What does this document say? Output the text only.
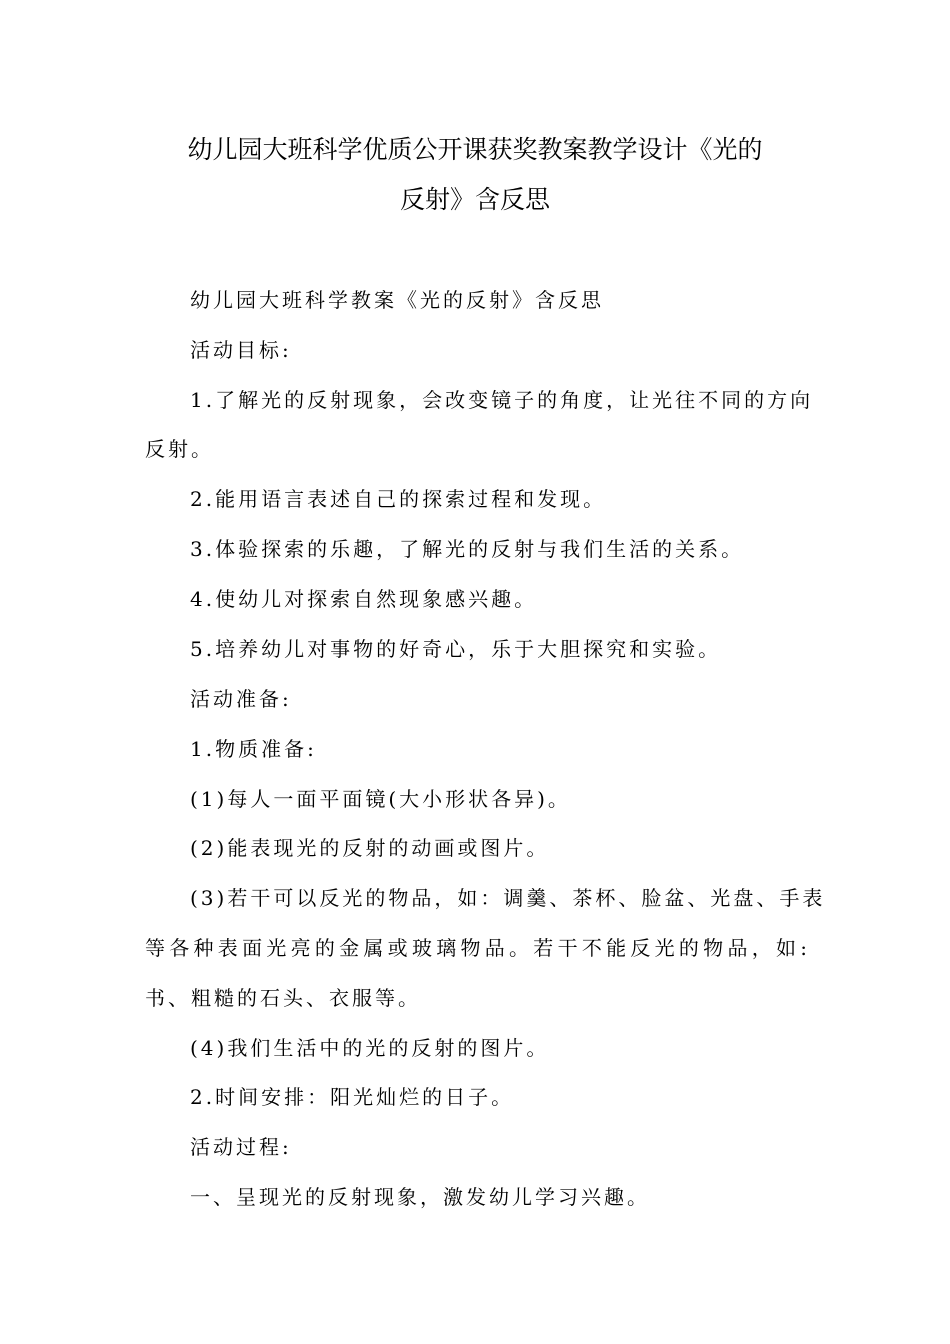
幼儿园大班科学优质公开课获奖教案教学设计《光的
反射》含反思
幼儿园大班科学教案《光的反射》含反思
活动目标:
1.了解光的反射现象，会改变镜子的角度，让光往不同的方向
反射。
2.能用语言表述自己的探索过程和发现。
3.体验探索的乐趣，了解光的反射与我们生活的关系。
4.使幼儿对探索自然现象感兴趣。
5.培养幼儿对事物的好奇心，乐于大胆探究和实验。
活动准备:
1.物质准备:
(1)每人一面平面镜(大小形状各异)。
(2)能表现光的反射的动画或图片。
(3)若干可以反光的物品，如：调羹、茶杯、脸盆、光盘、手表
等各种表面光亮的金属或玻璃物品。若干不能反光的物品，如:
书、粗糙的石头、衣服等。
(4)我们生活中的光的反射的图片。
2.时间安排：阳光灿烂的日子。
活动过程:
一、呈现光的反射现象，激发幼儿学习兴趣。
